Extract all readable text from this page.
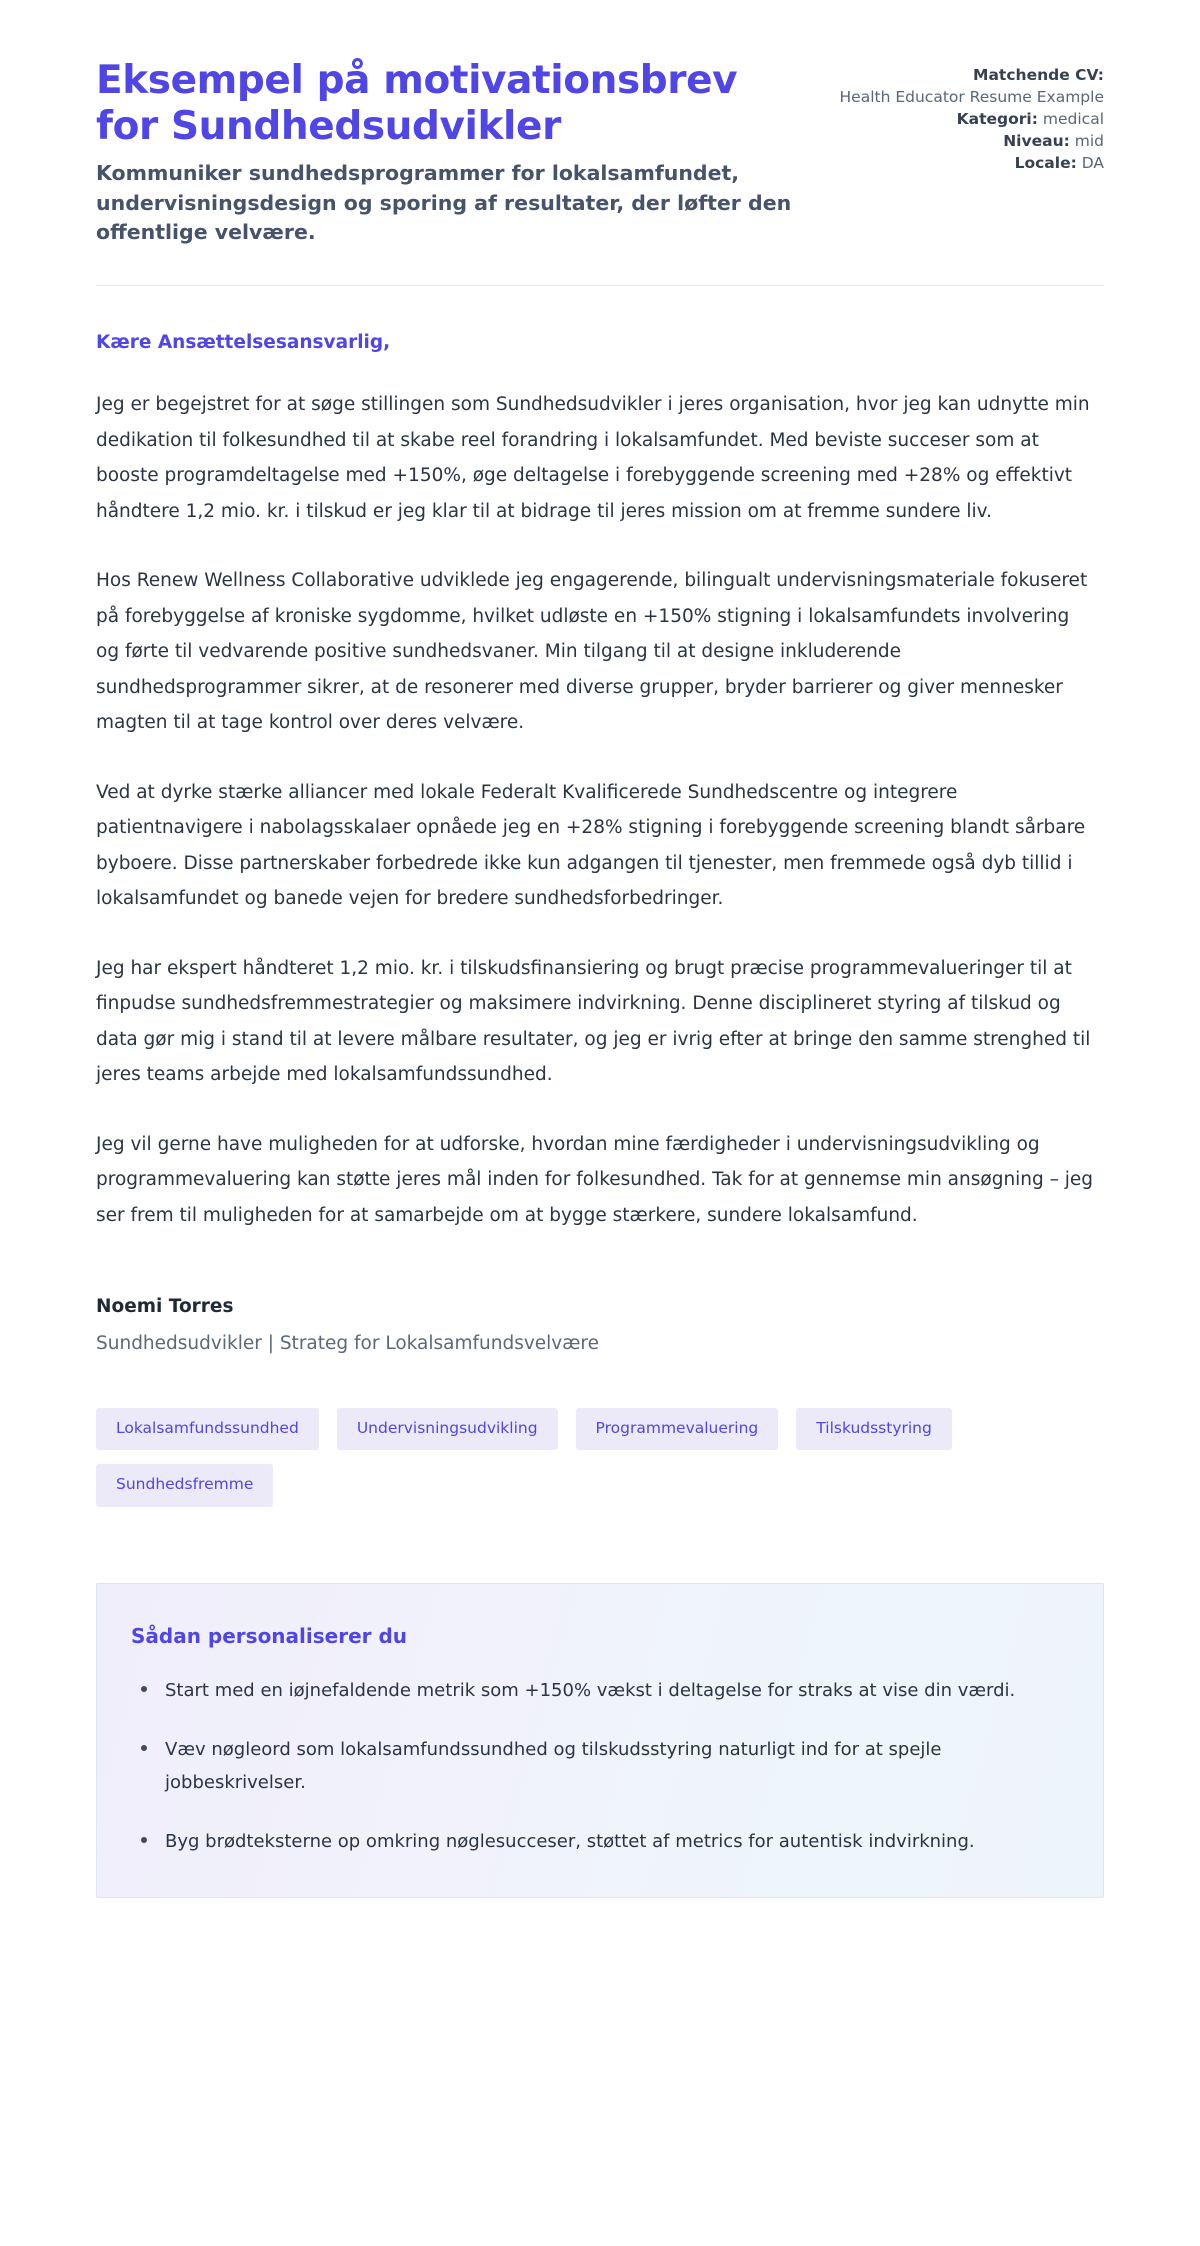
Eksempel på motivationsbrev for Sundhedsudvikler

Kommuniker sundhedsprogrammer for lokalsamfundet, undervisningsdesign og sporing af resultater, der løfter den offentlige velvære.

Matchende CV:
Health Educator Resume Example

Kategori: medical

Niveau: mid

Locale: DA

Kære Ansættelsesansvarlig,

Jeg er begejstret for at søge stillingen som Sundhedsudvikler i jeres organisation, hvor jeg kan udnytte min dedikation til folkesundhed til at skabe reel forandring i lokalsamfundet. Med beviste succeser som at booste programdeltagelse med +150%, øge deltagelse i forebyggende screening med +28% og effektivt håndtere 1,2 mio. kr. i tilskud er jeg klar til at bidrage til jeres mission om at fremme sundere liv.

Hos Renew Wellness Collaborative udviklede jeg engagerende, bilingualt undervisningsmateriale fokuseret på forebyggelse af kroniske sygdomme, hvilket udløste en +150% stigning i lokalsamfundets involvering og førte til vedvarende positive sundhedsvaner. Min tilgang til at designe inkluderende sundhedsprogrammer sikrer, at de resonerer med diverse grupper, bryder barrierer og giver mennesker magten til at tage kontrol over deres velvære.

Ved at dyrke stærke alliancer med lokale Federalt Kvalificerede Sundhedscentre og integrere patientnavigere i nabolagsskalaer opnåede jeg en +28% stigning i forebyggende screening blandt sårbare byboere. Disse partnerskaber forbedrede ikke kun adgangen til tjenester, men fremmede også dyb tillid i lokalsamfundet og banede vejen for bredere sundhedsforbedringer.

Jeg har ekspert håndteret 1,2 mio. kr. i tilskudsfinansiering og brugt præcise programmevalueringer til at finpudse sundhedsfremmestrategier og maksimere indvirkning. Denne disciplineret styring af tilskud og data gør mig i stand til at levere målbare resultater, og jeg er ivrig efter at bringe den samme strenghed til jeres teams arbejde med lokalsamfundssundhed.

Jeg vil gerne have muligheden for at udforske, hvordan mine færdigheder i undervisningsudvikling og programmevaluering kan støtte jeres mål inden for folkesundhed. Tak for at gennemse min ansøgning – jeg ser frem til muligheden for at samarbejde om at bygge stærkere, sundere lokalsamfund.

Noemi Torres

Sundhedsudvikler | Strateg for Lokalsamfundsvelvære

Lokalsamfundssundhed	Undervisningsudvikling	Programmevaluering	Tilskudsstyring
Sundhedsfremme
Sådan personaliserer du
Start med en iøjnefaldende metrik som +150% vækst i deltagelse for straks at vise din værdi.
Væv nøgleord som lokalsamfundssundhed og tilskudsstyring naturligt ind for at spejle jobbeskrivelser.
Byg brødteksterne op omkring nøglesucceser, støttet af metrics for autentisk indvirkning.
